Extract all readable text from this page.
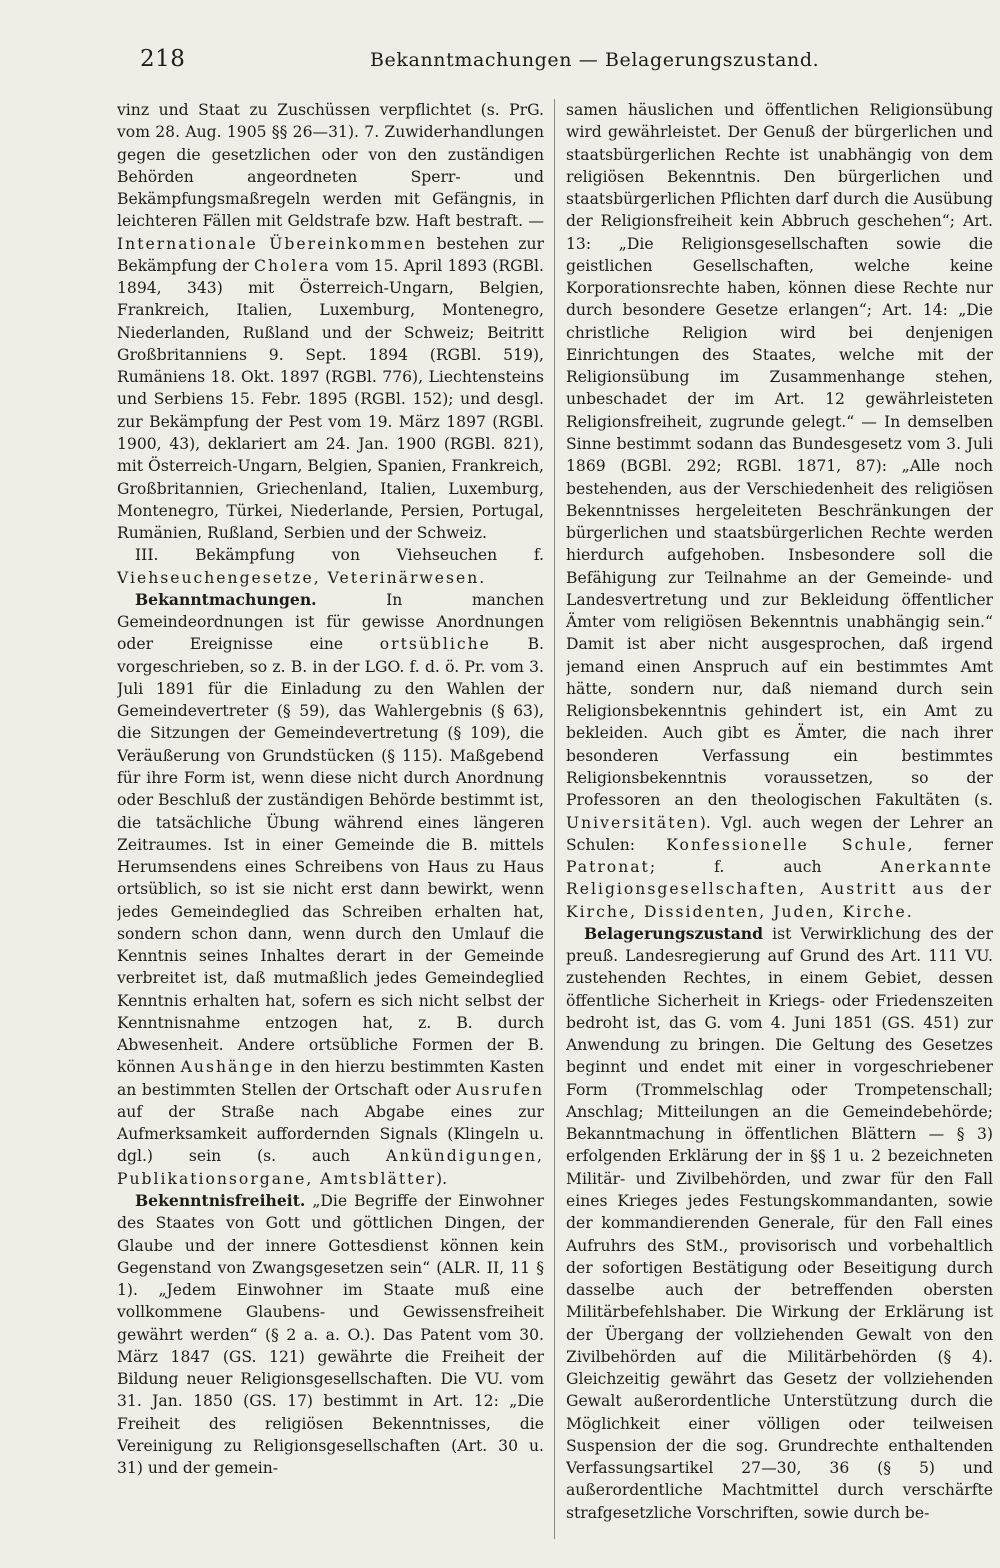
218	Bekanntmachungen — Belagerungszustand.

vinz und Staat zu Zuschüssen verpflichtet (s. PrG. vom 28. Aug. 1905 §§ 26—31). 7. Zuwiderhandlungen gegen die gesetzlichen oder von den zuständigen Behörden angeordneten Sperr- und Bekämpfungsmaßregeln werden mit Gefängnis, in leichteren Fällen mit Geldstrafe bzw. Haft bestraft. — Internationale Übereinkommen bestehen zur Bekämpfung der Cholera vom 15. April 1893 (RGBl. 1894, 343) mit Österreich-Ungarn, Belgien, Frankreich, Italien, Luxemburg, Montenegro, Niederlanden, Rußland und der Schweiz; Beitritt Großbritanniens 9. Sept. 1894 (RGBl. 519), Rumäniens 18. Okt. 1897 (RGBl. 776), Liechtensteins und Serbiens 15. Febr. 1895 (RGBl. 152); und desgl. zur Bekämpfung der Pest vom 19. März 1897 (RGBl. 1900, 43), deklariert am 24. Jan. 1900 (RGBl. 821), mit Österreich-Ungarn, Belgien, Spanien, Frankreich, Großbritannien, Griechenland, Italien, Luxemburg, Montenegro, Türkei, Niederlande, Persien, Portugal, Rumänien, Rußland, Serbien und der Schweiz.

III. Bekämpfung von Viehseuchen f. Viehseuchengesetze, Veterinärwesen.

Bekanntmachungen.	In manchen Gemeindeordnungen ist für gewisse Anordnungen oder Ereignisse eine ortsübliche B. vorgeschrieben, so z. B. in der LGO. f. d. ö. Pr. vom 3. Juli 1891 für die Einladung zu den Wahlen der Gemeindevertreter (§ 59), das Wahlergebnis (§ 63), die Sitzungen der Gemeindevertretung (§ 109), die Veräußerung von Grundstücken (§ 115). Maßgebend für ihre Form ist, wenn diese nicht durch Anordnung oder Beschluß der zuständigen Behörde bestimmt ist, die tatsächliche Übung während eines längeren Zeitraumes. Ist in einer Gemeinde die B. mittels Herumsendens eines Schreibens von Haus zu Haus ortsüblich, so ist sie nicht erst dann bewirkt, wenn jedes Gemeindeglied das Schreiben erhalten hat, sondern schon dann, wenn durch den Umlauf die Kenntnis seines Inhaltes derart in der Gemeinde verbreitet ist, daß mutmaßlich jedes Gemeindeglied Kenntnis erhalten hat, sofern es sich nicht selbst der Kenntnisnahme entzogen hat, z. B. durch Abwesenheit. Andere ortsübliche Formen der B. können Aushänge in den hierzu bestimmten Kasten an bestimmten Stellen der Ortschaft oder Ausrufen auf der Straße nach Abgabe eines zur Aufmerksamkeit auffordernden Signals (Klingeln u. dgl.) sein (s. auch Ankündigungen, Publikationsorgane, Amtsblätter).

Bekenntnisfreiheit. „Die Begriffe der Einwohner des Staates von Gott und göttlichen Dingen, der Glaube und der innere Gottesdienst können kein Gegenstand von Zwangsgesetzen sein“ (ALR. II, 11 § 1). „Jedem Einwohner im Staate muß eine vollkommene Glaubens- und Gewissensfreiheit gewährt werden“ (§ 2 a. a. O.). Das Patent vom 30. März 1847 (GS. 121) gewährte die Freiheit der Bildung neuer Religionsgesellschaften. Die VU. vom 31. Jan. 1850 (GS. 17) bestimmt in Art. 12: „Die Freiheit des religiösen Bekenntnisses, die Vereinigung zu Religionsgesellschaften (Art. 30 u. 31) und der gemein-

samen häuslichen und öffentlichen Religionsübung wird gewährleistet. Der Genuß der bürgerlichen und staatsbürgerlichen Rechte ist unabhängig von dem religiösen Bekenntnis. Den bürgerlichen und staatsbürgerlichen Pflichten darf durch die Ausübung der Religionsfreiheit kein Abbruch geschehen“; Art. 13: „Die Religionsgesellschaften sowie die geistlichen Gesellschaften, welche keine Korporationsrechte haben, können diese Rechte nur durch besondere Gesetze erlangen“; Art. 14: „Die christliche Religion wird bei denjenigen Einrichtungen des Staates, welche mit der Religionsübung im Zusammenhange stehen, unbeschadet der im Art. 12 gewährleisteten Religionsfreiheit, zugrunde gelegt.“ — In demselben Sinne bestimmt sodann das Bundesgesetz vom 3. Juli 1869 (BGBl. 292; RGBl. 1871, 87): „Alle noch bestehenden, aus der Verschiedenheit des religiösen Bekenntnisses hergeleiteten Beschränkungen der bürgerlichen und staatsbürgerlichen Rechte werden hierdurch aufgehoben. Insbesondere soll die Befähigung zur Teilnahme an der Gemeinde- und Landesvertretung und zur Bekleidung öffentlicher Ämter vom religiösen Bekenntnis unabhängig sein.“ Damit ist aber nicht ausgesprochen, daß irgend jemand einen Anspruch auf ein bestimmtes Amt hätte, sondern nur, daß niemand durch sein Religionsbekenntnis gehindert ist, ein Amt zu bekleiden. Auch gibt es Ämter, die nach ihrer besonderen Verfassung ein bestimmtes Religionsbekenntnis voraussetzen, so der Professoren an den theologischen Fakultäten (s. Universitäten). Vgl. auch wegen der Lehrer an Schulen: Konfessionelle Schule, ferner Patronat; f. auch	Anerkannte Religionsgesellschaften, Austritt aus der Kirche, Dissidenten, Juden, Kirche.

Belagerungszustand ist Verwirklichung des der preuß. Landesregierung auf Grund des Art. 111 VU. zustehenden Rechtes, in einem Gebiet, dessen öffentliche Sicherheit in Kriegs- oder Friedenszeiten bedroht ist, das G. vom 4. Juni 1851 (GS. 451) zur Anwendung zu bringen. Die Geltung des Gesetzes beginnt und endet mit einer in vorgeschriebener Form (Trommelschlag oder Trompetenschall; Anschlag; Mitteilungen an die Gemeindebehörde; Bekanntmachung in öffentlichen Blättern — § 3) erfolgenden Erklärung der in §§ 1 u. 2 bezeichneten Militär- und Zivilbehörden, und zwar für den Fall eines Krieges jedes Festungskommandanten, sowie der kommandierenden Generale, für den Fall eines Aufruhrs des StM., provisorisch und vorbehaltlich der sofortigen Bestätigung oder Beseitigung durch dasselbe auch der betreffenden obersten Militärbefehlshaber. Die Wirkung der Erklärung ist der Übergang der vollziehenden Gewalt von den Zivilbehörden auf die Militärbehörden (§ 4). Gleichzeitig gewährt das Gesetz der vollziehenden Gewalt außerordentliche Unterstützung durch die Möglichkeit einer völligen oder teilweisen Suspension der die sog. Grundrechte enthaltenden Verfassungsartikel 27—30, 36 (§ 5) und außerordentliche Machtmittel durch verschärfte strafgesetzliche Vorschriften, sowie durch be-
